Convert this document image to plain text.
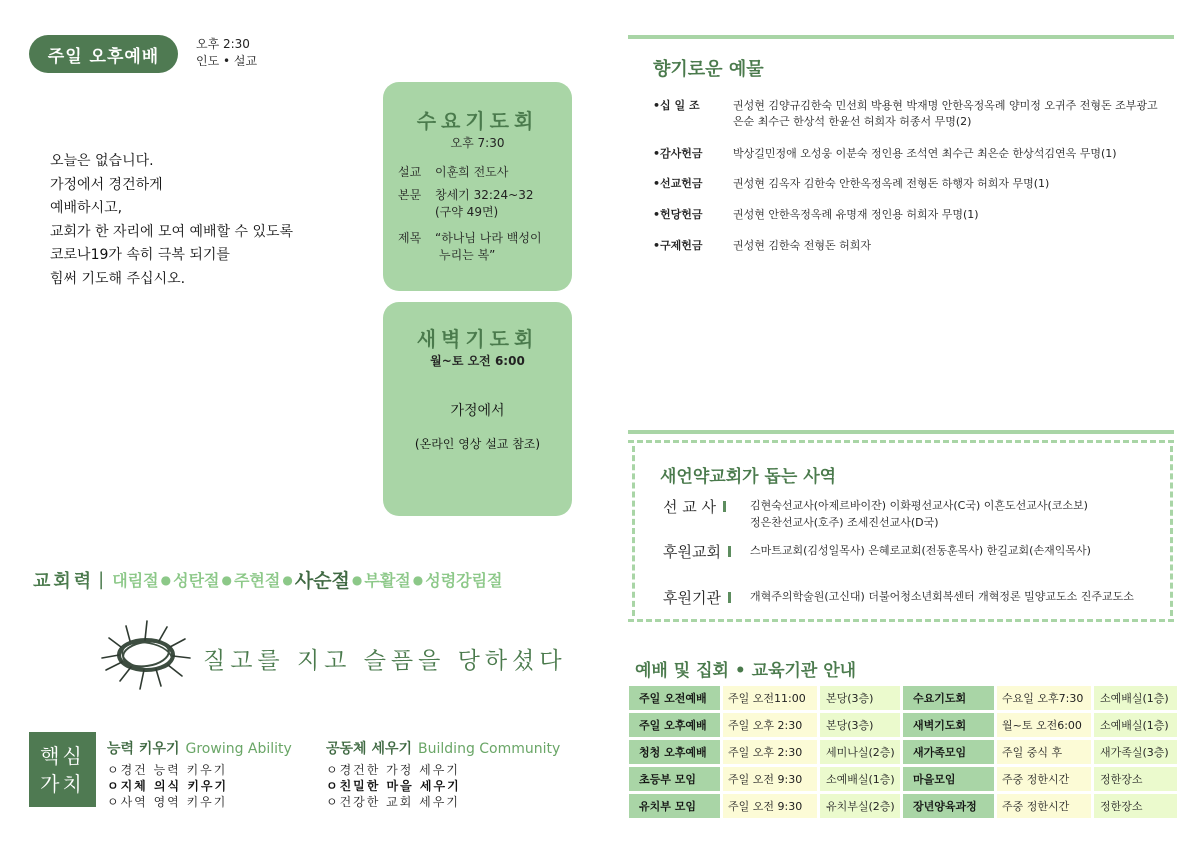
주일 오후예배
오후 2:30
인도 • 설교
오늘은 없습니다.
가정에서 경건하게
예배하시고,
교회가 한 자리에 모여 예배할 수 있도록
코로나19가 속히 극복 되기를
힘써 기도해 주십시오.
수요기도회
오후 7:30
설교	이훈희 전도사
본문	창세기 32:24~32
(구약 49면)
제목	“하나님 나라 백성이
누리는 복”
새벽기도회
월~토 오전 6:00
가정에서
(온라인 영상 설교 참조)
교회력 | 대림절 ● 성탄절 ● 주현절 ● 사순절 ● 부활절 ● 성령강림절
질고를 지고 슬픔을 당하셨다
핵심
가치
능력 키우기 Growing Ability
ㅇ경건 능력 키우기
ㅇ지체 의식 키우기
ㅇ사역 영역 키우기
공동체 세우기 Building Community
ㅇ경건한 가정 세우기
ㅇ친밀한 마을 세우기
ㅇ건강한 교회 세우기
향기로운 예물
•십 일 조	권성현 김양규김한숙 민선희 박용현 박재명 안한옥정옥례 양미정 오귀주 전형돈 조부광고은순 최수근 한상석 한윤선 허희자 허종서 무명(2)
•감사헌금	박상길민정애 오성웅 이분숙 정인용 조석연 최수근 최은순 한상석김연옥 무명(1)
•선교헌금	권성현 김옥자 김한숙 안한옥정옥례 전형돈 하행자 허희자 무명(1)
•헌당헌금	권성현 안한옥정옥례 유명재 정인용 허희자 무명(1)
•구제헌금	권성현 김한숙 전형돈 허희자
새언약교회가 돕는 사역
선 교 사	김현숙선교사(아제르바이잔) 이화평선교사(C국) 이흔도선교사(코소보)
정은찬선교사(호주) 조세진선교사(D국)
후원교회	스마트교회(김성일목사) 은혜로교회(전동훈목사) 한길교회(손재익목사)
후원기관	개혁주의학술원(고신대) 더불어청소년회복센터 개혁정론 밀양교도소 진주교도소
예배 및 집회 • 교육기관 안내
주일 오전예배	주일 오전11:00	본당(3층)	수요기도회	수요일 오후7:30	소예배실(1층)
주일 오후예배	주일 오후 2:30	본당(3층)	새벽기도회	월~토 오전6:00	소예배실(1층)
청청 오후예배	주일 오후 2:30	세미나실(2층)	새가족모임	주일 중식 후	새가족실(3층)
초등부 모임	주일 오전 9:30	소예배실(1층)	마을모임	주중 정한시간	정한장소
유치부 모임	주일 오전 9:30	유치부실(2층)	장년양육과정	주중 정한시간	정한장소
